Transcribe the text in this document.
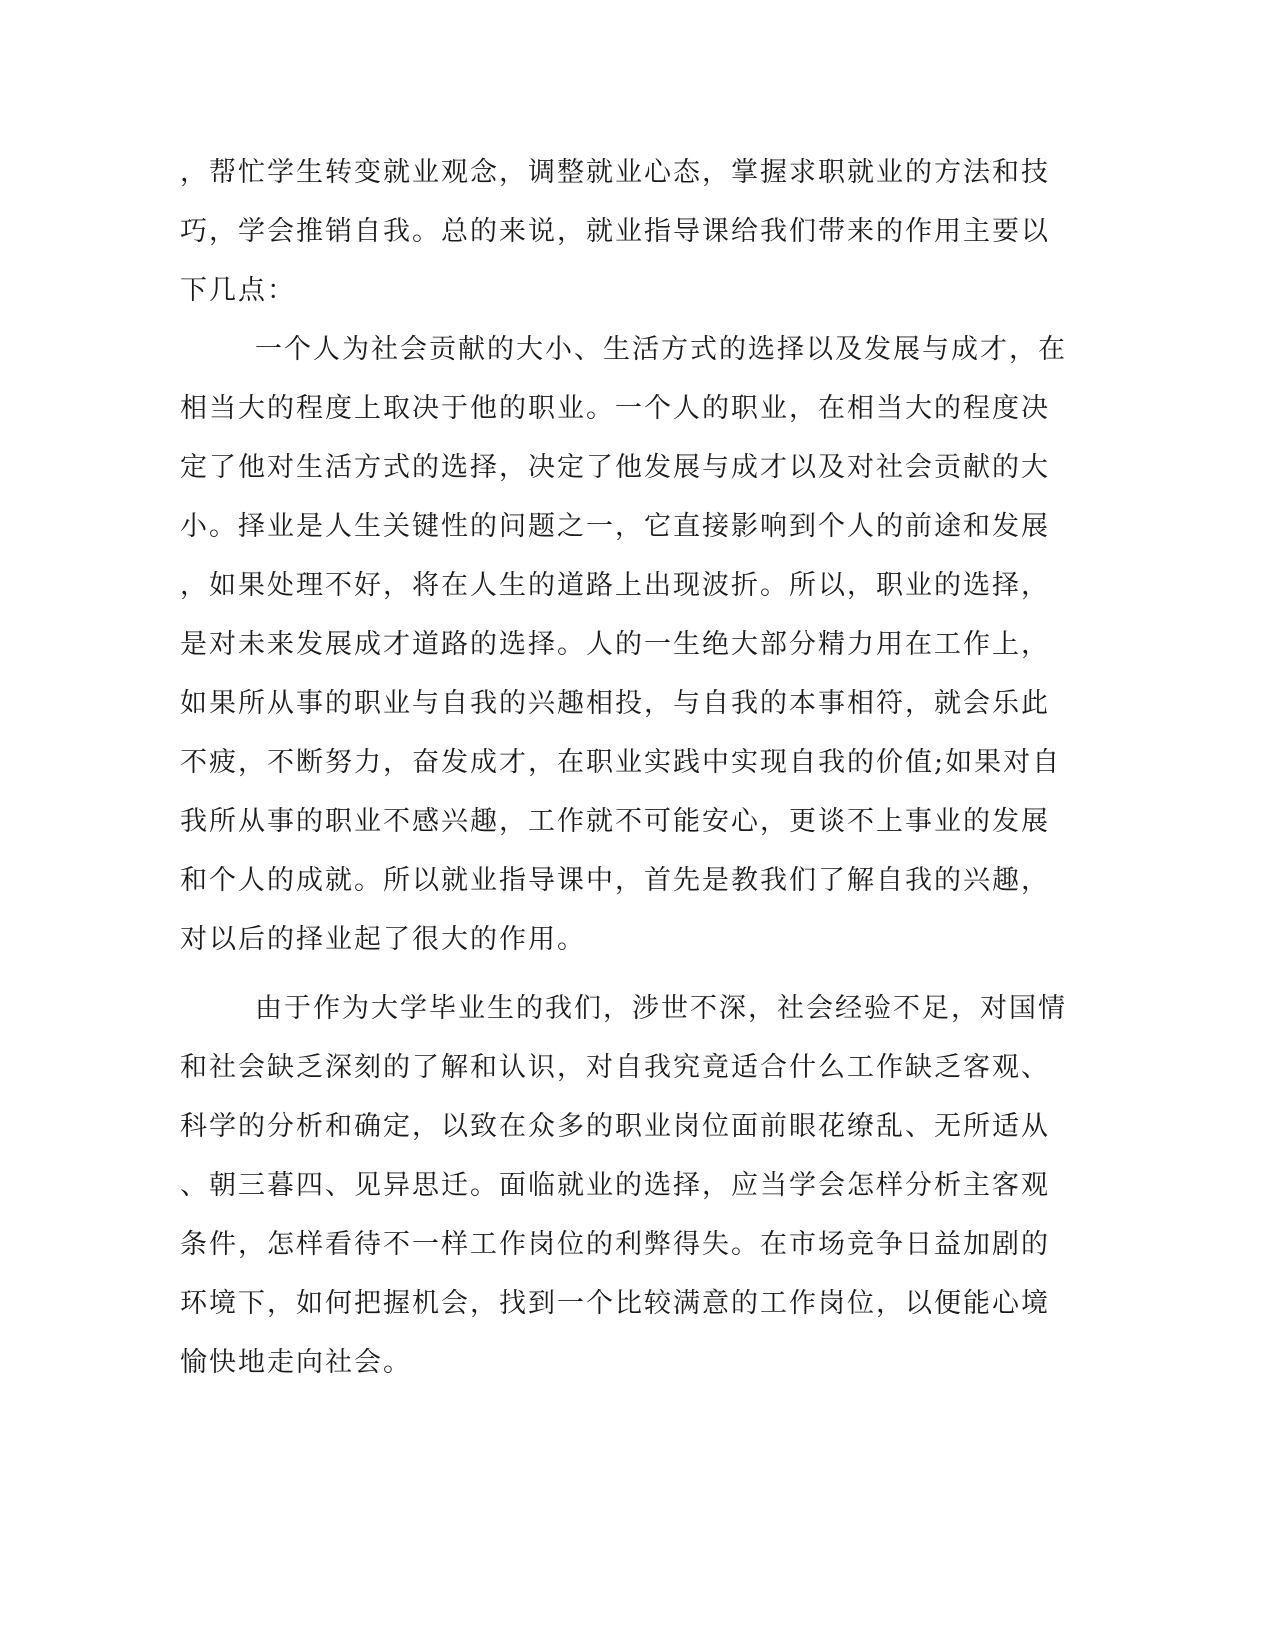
，帮忙学生转变就业观念，调整就业心态，掌握求职就业的方法和技
巧，学会推销自我。总的来说，就业指导课给我们带来的作用主要以
下几点：
一个人为社会贡献的大小、生活方式的选择以及发展与成才，在
相当大的程度上取决于他的职业。一个人的职业，在相当大的程度决
定了他对生活方式的选择，决定了他发展与成才以及对社会贡献的大
小。择业是人生关键性的问题之一，它直接影响到个人的前途和发展
，如果处理不好，将在人生的道路上出现波折。所以，职业的选择，
是对未来发展成才道路的选择。人的一生绝大部分精力用在工作上，
如果所从事的职业与自我的兴趣相投，与自我的本事相符，就会乐此
不疲，不断努力，奋发成才，在职业实践中实现自我的价值;如果对自
我所从事的职业不感兴趣，工作就不可能安心，更谈不上事业的发展
和个人的成就。所以就业指导课中，首先是教我们了解自我的兴趣，
对以后的择业起了很大的作用。
由于作为大学毕业生的我们，涉世不深，社会经验不足，对国情
和社会缺乏深刻的了解和认识，对自我究竟适合什么工作缺乏客观、
科学的分析和确定，以致在众多的职业岗位面前眼花缭乱、无所适从
、朝三暮四、见异思迁。面临就业的选择，应当学会怎样分析主客观
条件，怎样看待不一样工作岗位的利弊得失。在市场竞争日益加剧的
环境下，如何把握机会，找到一个比较满意的工作岗位，以便能心境
愉快地走向社会。
